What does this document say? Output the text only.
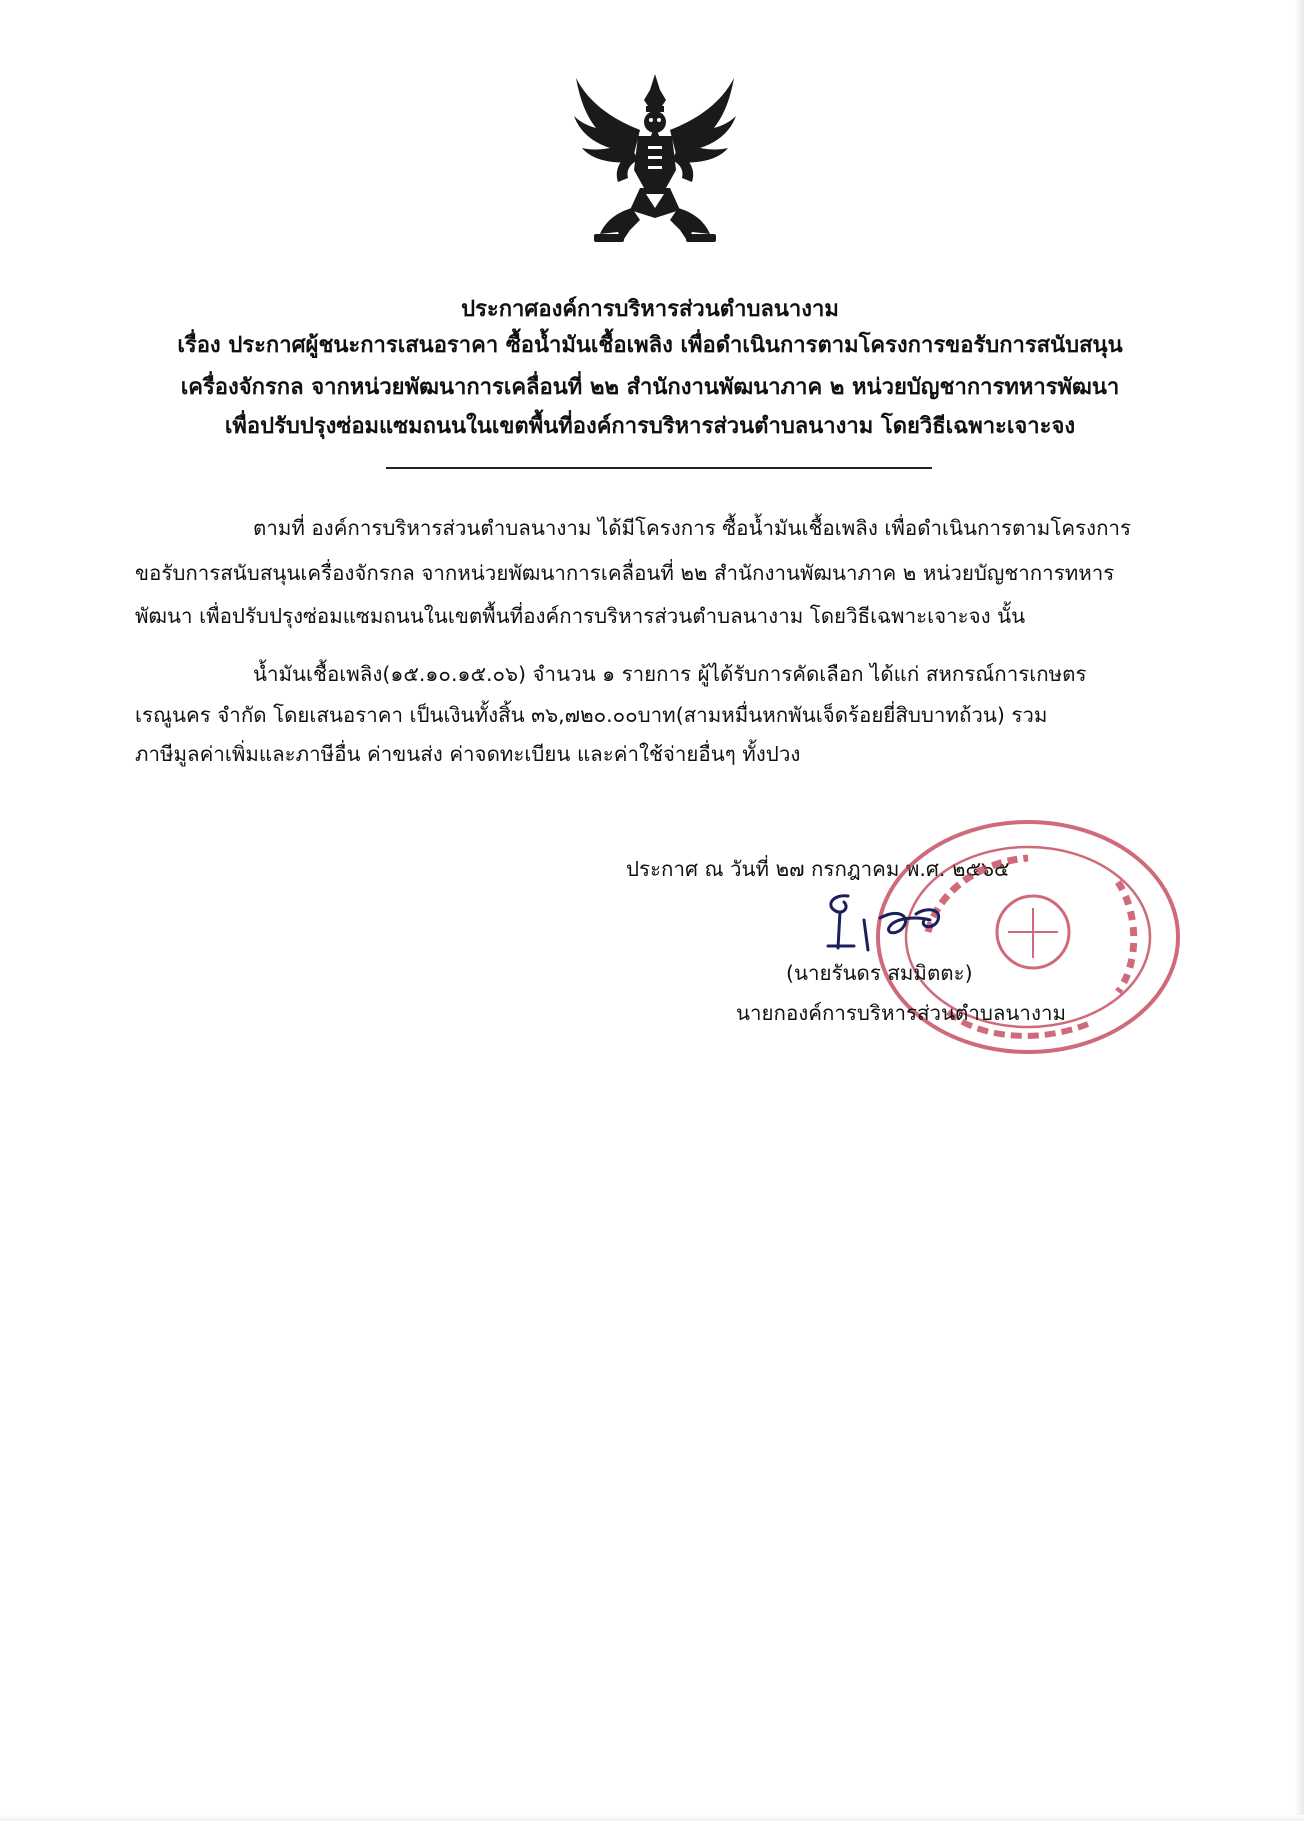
ประกาศองค์การบริหารส่วนตำบลนางาม
เรื่อง ประกาศผู้ชนะการเสนอราคา ซื้อน้ำมันเชื้อเพลิง เพื่อดำเนินการตามโครงการขอรับการสนับสนุน
เครื่องจักรกล จากหน่วยพัฒนาการเคลื่อนที่ ๒๒ สำนักงานพัฒนาภาค ๒ หน่วยบัญชาการทหารพัฒนา
เพื่อปรับปรุงซ่อมแซมถนนในเขตพื้นที่องค์การบริหารส่วนตำบลนางาม โดยวิธีเฉพาะเจาะจง
ตามที่ องค์การบริหารส่วนตำบลนางาม ได้มีโครงการ ซื้อน้ำมันเชื้อเพลิง เพื่อดำเนินการตามโครงการ
ขอรับการสนับสนุนเครื่องจักรกล จากหน่วยพัฒนาการเคลื่อนที่ ๒๒ สำนักงานพัฒนาภาค ๒ หน่วยบัญชาการทหาร
พัฒนา เพื่อปรับปรุงซ่อมแซมถนนในเขตพื้นที่องค์การบริหารส่วนตำบลนางาม โดยวิธีเฉพาะเจาะจง นั้น
น้ำมันเชื้อเพลิง(๑๕.๑๐.๑๕.๐๖) จำนวน ๑ รายการ ผู้ได้รับการคัดเลือก ได้แก่ สหกรณ์การเกษตร
เรณูนคร จำกัด โดยเสนอราคา เป็นเงินทั้งสิ้น ๓๖,๗๒๐.๐๐บาท(สามหมื่นหกพันเจ็ดร้อยยี่สิบบาทถ้วน) รวม
ภาษีมูลค่าเพิ่มและภาษีอื่น ค่าขนส่ง ค่าจดทะเบียน และค่าใช้จ่ายอื่นๆ ทั้งปวง
ประกาศ ณ วันที่ ๒๗ กรกฎาคม พ.ศ. ๒๕๖๕
(นายรันดร สมมิตตะ)
นายกองค์การบริหารส่วนตำบลนางาม
